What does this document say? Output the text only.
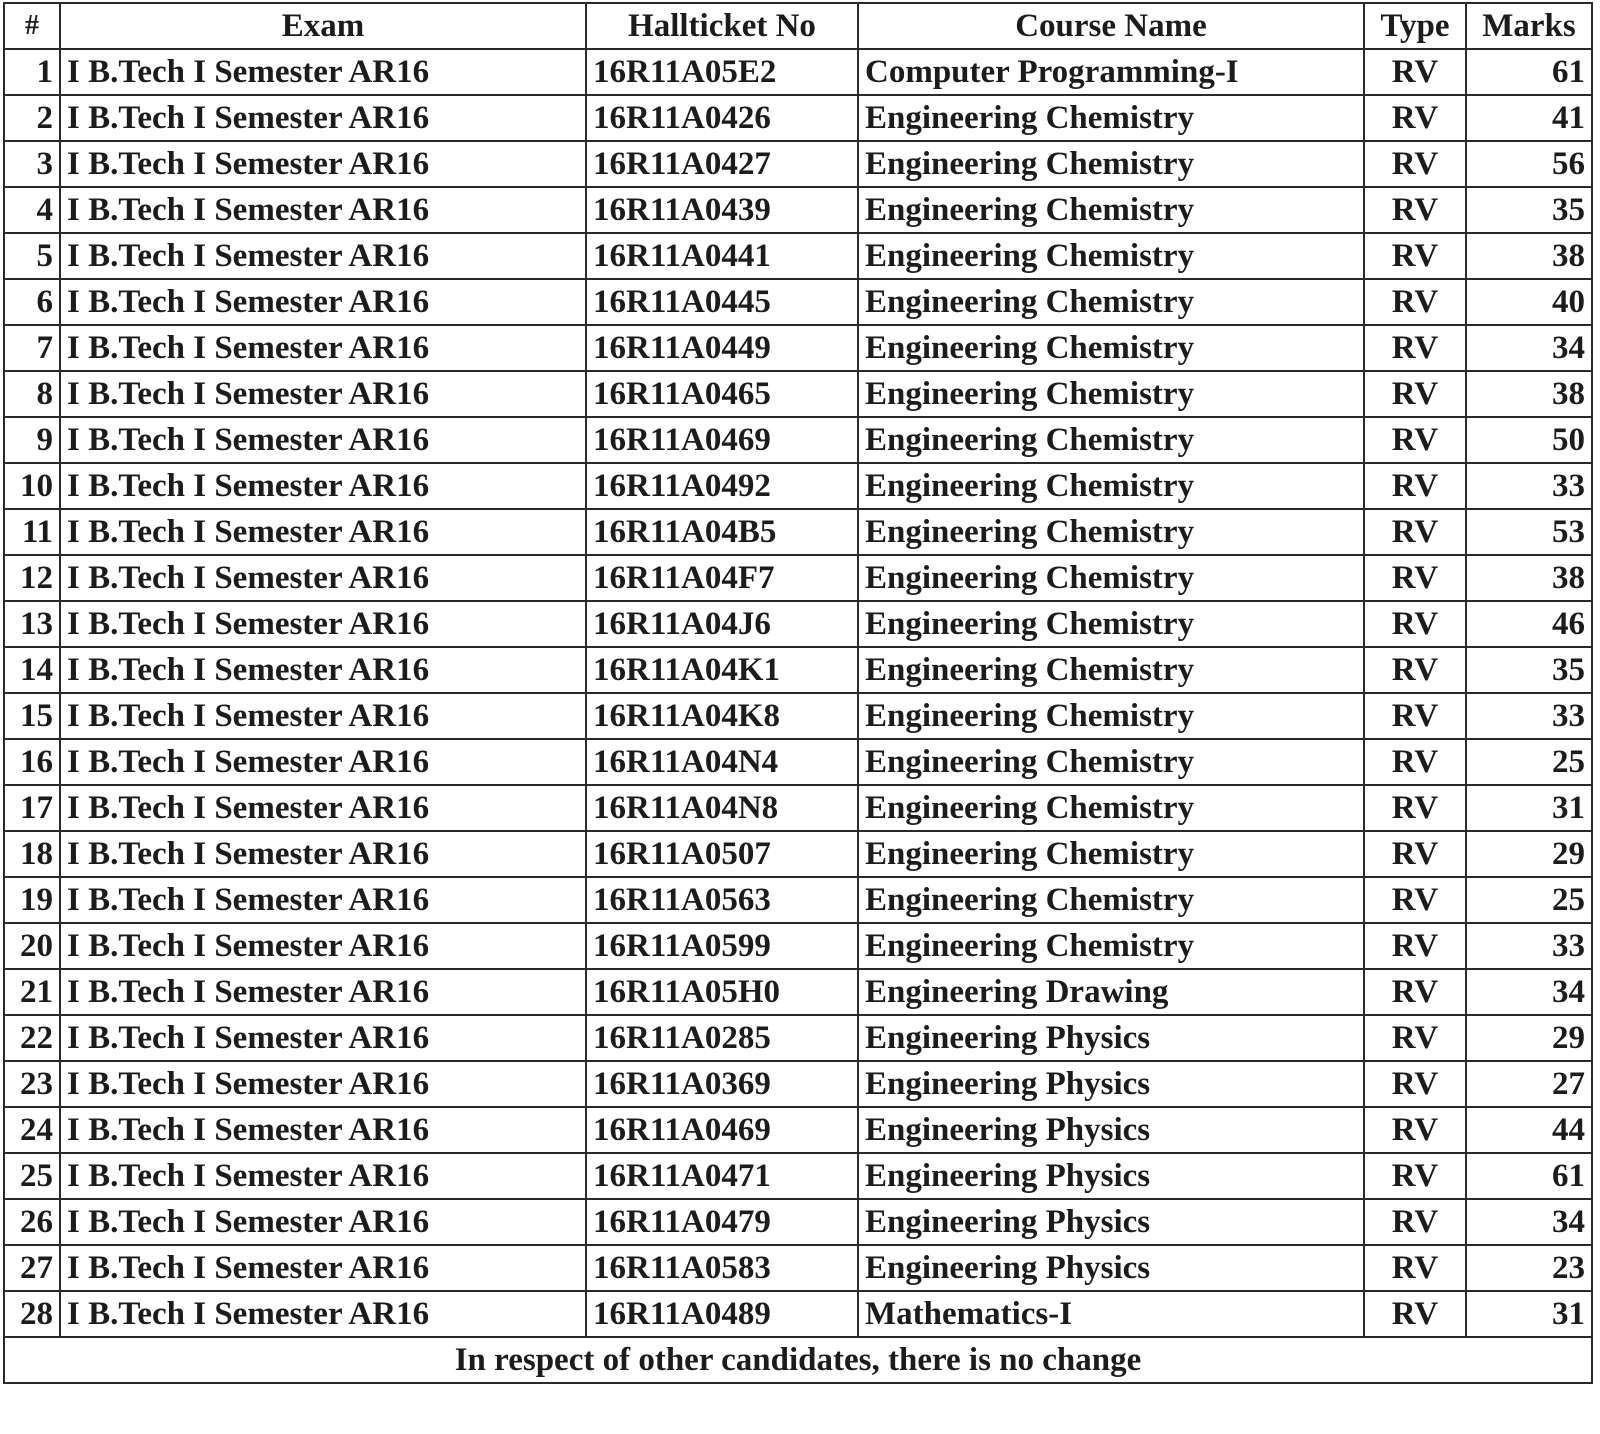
#	Exam	Hallticket No	Course Name	Type	Marks
1	I B.Tech I Semester AR16	16R11A05E2	Computer Programming-I	RV	61
2	I B.Tech I Semester AR16	16R11A0426	Engineering Chemistry	RV	41
3	I B.Tech I Semester AR16	16R11A0427	Engineering Chemistry	RV	56
4	I B.Tech I Semester AR16	16R11A0439	Engineering Chemistry	RV	35
5	I B.Tech I Semester AR16	16R11A0441	Engineering Chemistry	RV	38
6	I B.Tech I Semester AR16	16R11A0445	Engineering Chemistry	RV	40
7	I B.Tech I Semester AR16	16R11A0449	Engineering Chemistry	RV	34
8	I B.Tech I Semester AR16	16R11A0465	Engineering Chemistry	RV	38
9	I B.Tech I Semester AR16	16R11A0469	Engineering Chemistry	RV	50
10	I B.Tech I Semester AR16	16R11A0492	Engineering Chemistry	RV	33
11	I B.Tech I Semester AR16	16R11A04B5	Engineering Chemistry	RV	53
12	I B.Tech I Semester AR16	16R11A04F7	Engineering Chemistry	RV	38
13	I B.Tech I Semester AR16	16R11A04J6	Engineering Chemistry	RV	46
14	I B.Tech I Semester AR16	16R11A04K1	Engineering Chemistry	RV	35
15	I B.Tech I Semester AR16	16R11A04K8	Engineering Chemistry	RV	33
16	I B.Tech I Semester AR16	16R11A04N4	Engineering Chemistry	RV	25
17	I B.Tech I Semester AR16	16R11A04N8	Engineering Chemistry	RV	31
18	I B.Tech I Semester AR16	16R11A0507	Engineering Chemistry	RV	29
19	I B.Tech I Semester AR16	16R11A0563	Engineering Chemistry	RV	25
20	I B.Tech I Semester AR16	16R11A0599	Engineering Chemistry	RV	33
21	I B.Tech I Semester AR16	16R11A05H0	Engineering Drawing	RV	34
22	I B.Tech I Semester AR16	16R11A0285	Engineering Physics	RV	29
23	I B.Tech I Semester AR16	16R11A0369	Engineering Physics	RV	27
24	I B.Tech I Semester AR16	16R11A0469	Engineering Physics	RV	44
25	I B.Tech I Semester AR16	16R11A0471	Engineering Physics	RV	61
26	I B.Tech I Semester AR16	16R11A0479	Engineering Physics	RV	34
27	I B.Tech I Semester AR16	16R11A0583	Engineering Physics	RV	23
28	I B.Tech I Semester AR16	16R11A0489	Mathematics-I	RV	31
In respect of other candidates, there is no change					
